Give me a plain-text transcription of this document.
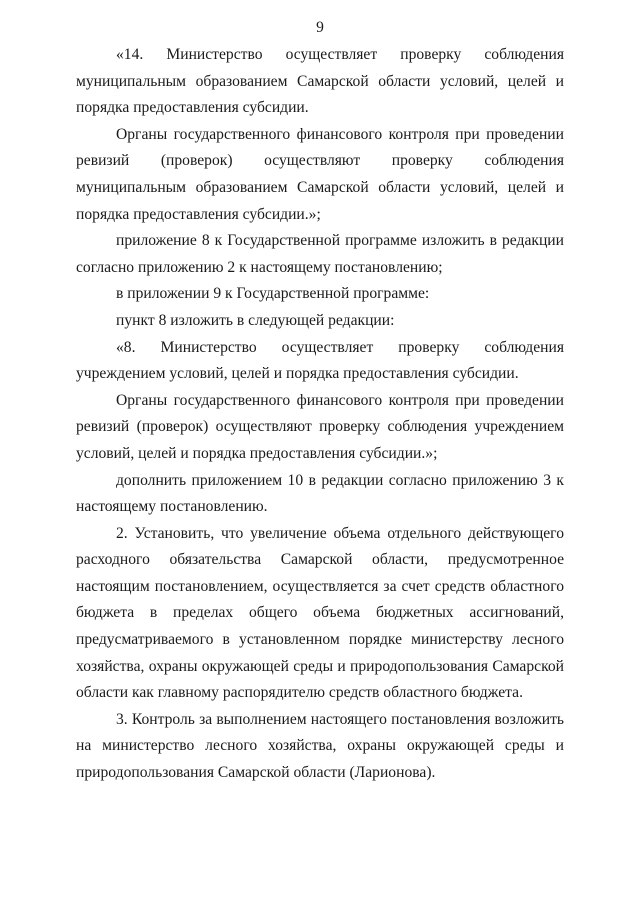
9

«14. Министерство осуществляет проверку соблюдения муниципальным образованием Самарской области условий, целей и порядка предоставления субсидии.

Органы государственного финансового контроля при проведении ревизий (проверок) осуществляют проверку соблюдения муниципальным образованием Самарской области условий, целей и порядка предоставления субсидии.»;

приложение 8 к Государственной программе изложить в редакции согласно приложению 2 к настоящему постановлению;

в приложении 9 к Государственной программе:

пункт 8 изложить в следующей редакции:

«8. Министерство осуществляет проверку соблюдения учреждением условий, целей и порядка предоставления субсидии.

Органы государственного финансового контроля при проведении ревизий (проверок) осуществляют проверку соблюдения учреждением условий, целей и порядка предоставления субсидии.»;

дополнить приложением 10 в редакции согласно приложению 3 к настоящему постановлению.

2. Установить, что увеличение объема отдельного действующего расходного обязательства Самарской области, предусмотренное настоящим постановлением, осуществляется за счет средств областного бюджета в пределах общего объема бюджетных ассигнований, предусматриваемого в установленном порядке министерству лесного хозяйства, охраны окружающей среды и природопользования Самарской области как главному распорядителю средств областного бюджета.

3. Контроль за выполнением настоящего постановления возложить на министерство лесного хозяйства, охраны окружающей среды и природопользования Самарской области (Ларионова).
